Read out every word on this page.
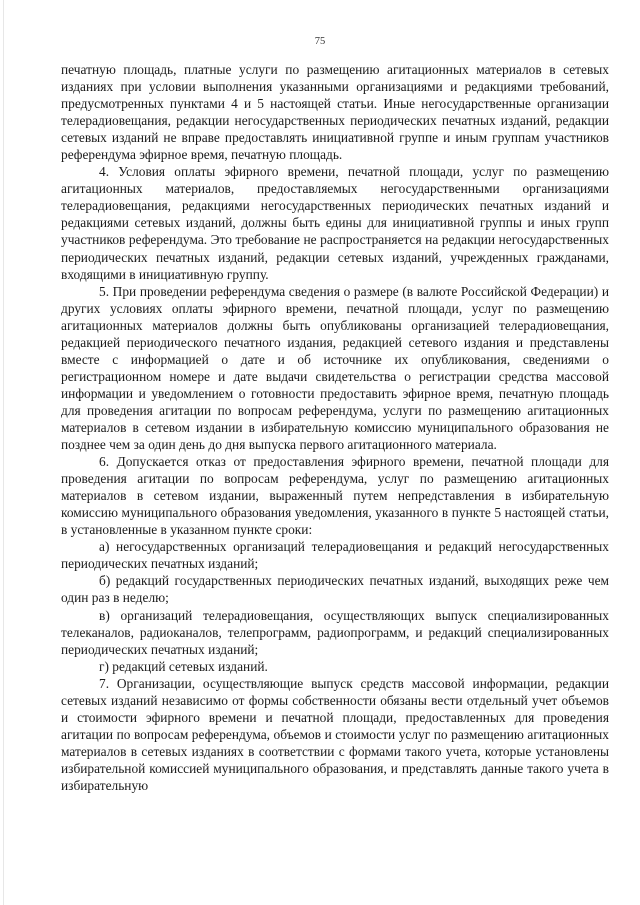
75

печатную площадь, платные услуги по размещению агитационных материалов в сетевых изданиях при условии выполнения указанными организациями и редакциями требований, предусмотренных пунктами 4 и 5 настоящей статьи. Иные негосударственные организации телерадиовещания, редакции негосударственных периодических печатных изданий, редакции сетевых изданий не вправе предоставлять инициативной группе и иным группам участников референдума эфирное время, печатную площадь.

4. Условия оплаты эфирного времени, печатной площади, услуг по размещению агитационных материалов, предоставляемых негосударственными организациями телерадиовещания, редакциями негосударственных периодических печатных изданий и редакциями сетевых изданий, должны быть едины для инициативной группы и иных групп участников референдума. Это требование не распространяется на редакции негосударственных периодических печатных изданий, редакции сетевых изданий, учрежденных гражданами, входящими в инициативную группу.

5. При проведении референдума сведения о размере (в валюте Российской Федерации) и других условиях оплаты эфирного времени, печатной площади, услуг по размещению агитационных материалов должны быть опубликованы организацией телерадиовещания, редакцией периодического печатного издания, редакцией сетевого издания и представлены вместе с информацией о дате и об источнике их опубликования, сведениями о регистрационном номере и дате выдачи свидетельства о регистрации средства массовой информации и уведомлением о готовности предоставить эфирное время, печатную площадь для проведения агитации по вопросам референдума, услуги по размещению агитационных материалов в сетевом издании в избирательную комиссию муниципального образования не позднее чем за один день до дня выпуска первого агитационного материала.

6. Допускается отказ от предоставления эфирного времени, печатной площади для проведения агитации по вопросам референдума, услуг по размещению агитационных материалов в сетевом издании, выраженный путем непредставления в избирательную комиссию муниципального образования уведомления, указанного в пункте 5 настоящей статьи, в установленные в указанном пункте сроки:

а) негосударственных организаций телерадиовещания и редакций негосударственных периодических печатных изданий;

б) редакций государственных периодических печатных изданий, выходящих реже чем один раз в неделю;

в) организаций телерадиовещания, осуществляющих выпуск специализированных телеканалов, радиоканалов, телепрограмм, радиопрограмм, и редакций специализированных периодических печатных изданий;

г) редакций сетевых изданий.

7. Организации, осуществляющие выпуск средств массовой информации, редакции сетевых изданий независимо от формы собственности обязаны вести отдельный учет объемов и стоимости эфирного времени и печатной площади, предоставленных для проведения агитации по вопросам референдума, объемов и стоимости услуг по размещению агитационных материалов в сетевых изданиях в соответствии с формами такого учета, которые установлены избирательной комиссией муниципального образования, и представлять данные такого учета в избирательную
